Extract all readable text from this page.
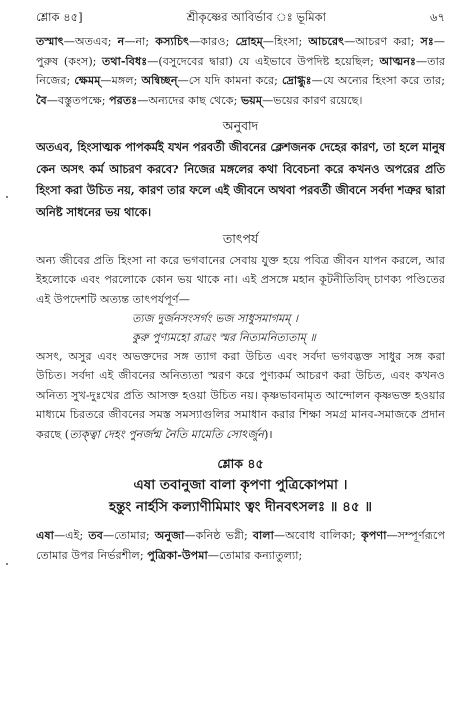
শ্লোক ৪৫]	শ্রীকৃষ্ণের আবির্ভাব ঃ ভূমিকা	৬৭

তস্মাৎ—অতএব; ন—না; কস্যচিৎ—কারও; দ্রোহম্—হিংসা; আচরেৎ—আচরণ করা; সঃ—পুরুষ (কংস); তথা-বিধঃ—(বসুদেবের দ্বারা) যে এইভাবে উপদিষ্ট হয়েছিল; আত্মনঃ—তার নিজের; ক্ষেমম্—মঙ্গল; অন্বিচ্ছন্—সে যদি কামনা করে; দ্রোগ্ধুঃ—যে অন্যের হিংসা করে তার; বৈ—বস্তুতপক্ষে; পরতঃ—অন্যদের কাছ থেকে; ভয়ম্—ভয়ের কারণ রয়েছে।

অনুবাদ

অতএব, হিংসাত্মক পাপকর্মই যখন পরবর্তী জীবনের ক্লেশজনক দেহের কারণ, তা হলে মানুষ কেন অসৎ কর্ম আচরণ করবে? নিজের মঙ্গলের কথা বিবেচনা করে কখনও অপরের প্রতি হিংসা করা উচিত নয়, কারণ তার ফলে এই জীবনে অথবা পরবর্তী জীবনে সর্বদা শত্রুর দ্বারা অনিষ্ট সাধনের ভয় থাকে।

তাৎপর্য

অন্য জীবের প্রতি হিংসা না করে ভগবানের সেবায় যুক্ত হয়ে পবিত্র জীবন যাপন করলে, আর ইহলোকে এবং পরলোকে কোন ভয় থাকে না। এই প্রসঙ্গে মহান কূটনীতিবিদ্ চাণক্য পণ্ডিতের এই উপদেশটি অত্যন্ত তাৎপর্যপূর্ণ—

ত্যজ দুর্জনসংসর্গং ভজ সাধুসমাগমম্ ।

কুরু পুণ্যমহো রাত্রং স্মর নিত্যমনিত্যতাম্ ॥

অসৎ, অসুর এবং অভক্তদের সঙ্গ ত্যাগ করা উচিত এবং সর্বদা ভগবদ্ভক্ত সাধুর সঙ্গ করা উচিত। সর্বদা এই জীবনের অনিত্যতা স্মরণ করে পুণ্যকর্ম আচরণ করা উচিত, এবং কখনও অনিত্য সুখ-দুঃখের প্রতি আসক্ত হওয়া উচিত নয়। কৃষ্ণভাবনামৃত আন্দোলন কৃষ্ণভক্ত হওয়ার মাধ্যমে চিরতরে জীবনের সমস্ত সমস্যাগুলির সমাধান করার শিক্ষা সমগ্র মানব-সমাজকে প্রদান করছে (ত্যক্ত্বা দেহং পুনর্জন্ম নৈতি মামেতি সোঽর্জুন)।

শ্লোক ৪৫
এষা তবানুজা বালা কৃপণা পুত্রিকোপমা ।
হন্তুং নার্হসি কল্যাণীমিমাং ত্বং দীনবৎসলঃ ॥ ৪৫ ॥

এষা—এই; তব—তোমার; অনুজা—কনিষ্ঠ ভগ্নী; বালা—অবোধ বালিকা; কৃপণা—সম্পূর্ণরূপে তোমার উপর নির্ভরশীল; পুত্রিকা-উপমা—তোমার কন্যাতুল্যা;
